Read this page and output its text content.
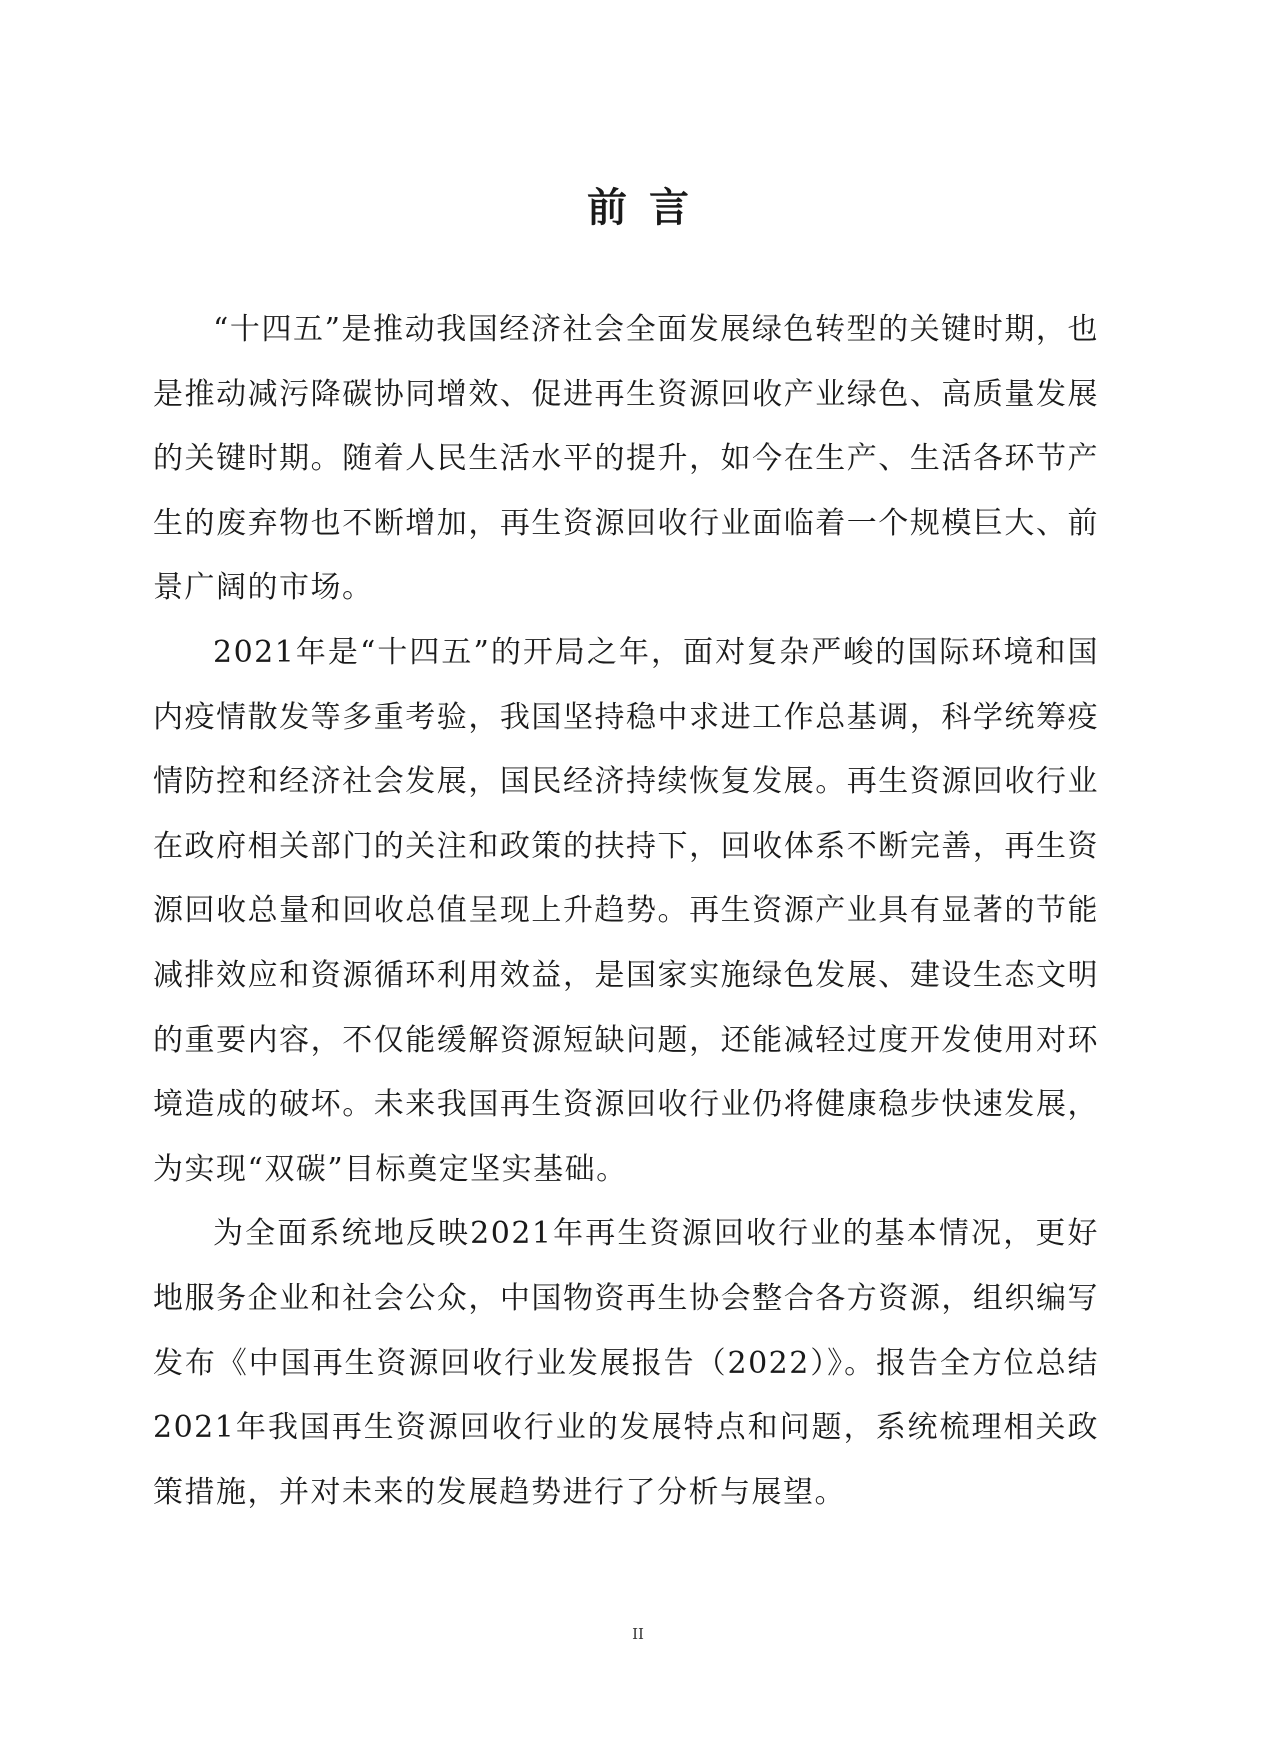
前言

“十四五”是推动我国经济社会全面发展绿色转型的关键时期，也是推动减污降碳协同增效、促进再生资源回收产业绿色、高质量发展的关键时期。随着人民生活水平的提升，如今在生产、生活各环节产生的废弃物也不断增加，再生资源回收行业面临着一个规模巨大、前景广阔的市场。

2021年是“十四五”的开局之年，面对复杂严峻的国际环境和国内疫情散发等多重考验，我国坚持稳中求进工作总基调，科学统筹疫情防控和经济社会发展，国民经济持续恢复发展。再生资源回收行业在政府相关部门的关注和政策的扶持下，回收体系不断完善，再生资源回收总量和回收总值呈现上升趋势。再生资源产业具有显著的节能减排效应和资源循环利用效益，是国家实施绿色发展、建设生态文明的重要内容，不仅能缓解资源短缺问题，还能减轻过度开发使用对环境造成的破坏。未来我国再生资源回收行业仍将健康稳步快速发展，为实现“双碳”目标奠定坚实基础。

为全面系统地反映2021年再生资源回收行业的基本情况，更好地服务企业和社会公众，中国物资再生协会整合各方资源，组织编写发布《中国再生资源回收行业发展报告（2022）》。报告全方位总结2021年我国再生资源回收行业的发展特点和问题，系统梳理相关政策措施，并对未来的发展趋势进行了分析与展望。

II
